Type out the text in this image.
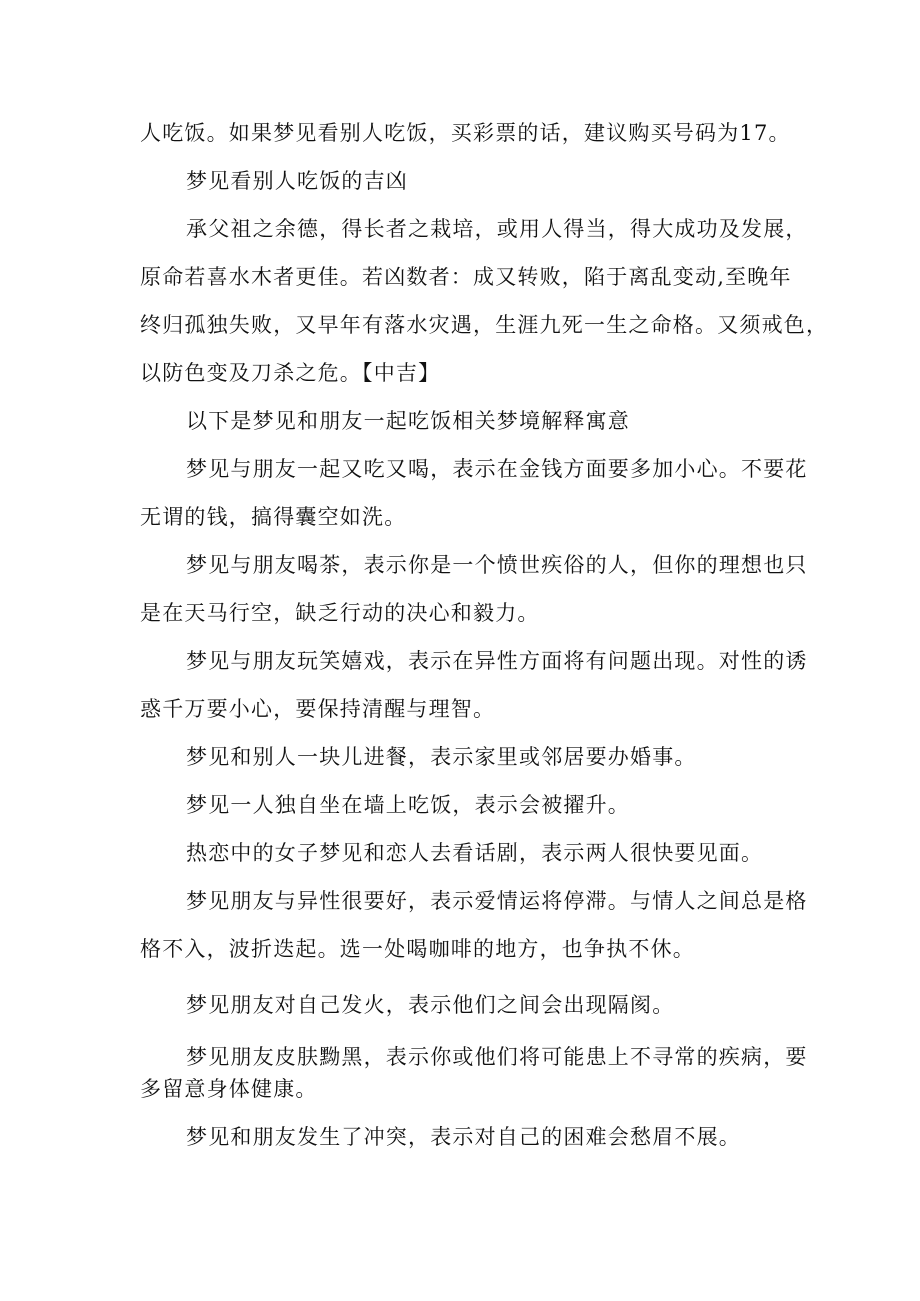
人吃饭。如果梦见看别人吃饭，买彩票的话，建议购买号码为17。
梦见看别人吃饭的吉凶
承父祖之余德，得长者之栽培，或用人得当，得大成功及发展，
原命若喜水木者更佳。若凶数者：成又转败，陷于离乱变动,至晚年
终归孤独失败，又早年有落水灾遇，生涯九死一生之命格。又须戒色，
以防色变及刀杀之危。【中吉】
以下是梦见和朋友一起吃饭相关梦境解释寓意
梦见与朋友一起又吃又喝，表示在金钱方面要多加小心。不要花
无谓的钱，搞得囊空如洗。
梦见与朋友喝茶，表示你是一个愤世疾俗的人，但你的理想也只
是在天马行空，缺乏行动的决心和毅力。
梦见与朋友玩笑嬉戏，表示在异性方面将有问题出现。对性的诱
惑千万要小心，要保持清醒与理智。
梦见和别人一块儿进餐，表示家里或邻居要办婚事。
梦见一人独自坐在墙上吃饭，表示会被擢升。
热恋中的女子梦见和恋人去看话剧，表示两人很快要见面。
梦见朋友与异性很要好，表示爱情运将停滞。与情人之间总是格
格不入，波折迭起。选一处喝咖啡的地方，也争执不休。
梦见朋友对自己发火，表示他们之间会出现隔阂。
梦见朋友皮肤黝黑，表示你或他们将可能患上不寻常的疾病，要
多留意身体健康。
梦见和朋友发生了冲突，表示对自己的困难会愁眉不展。
